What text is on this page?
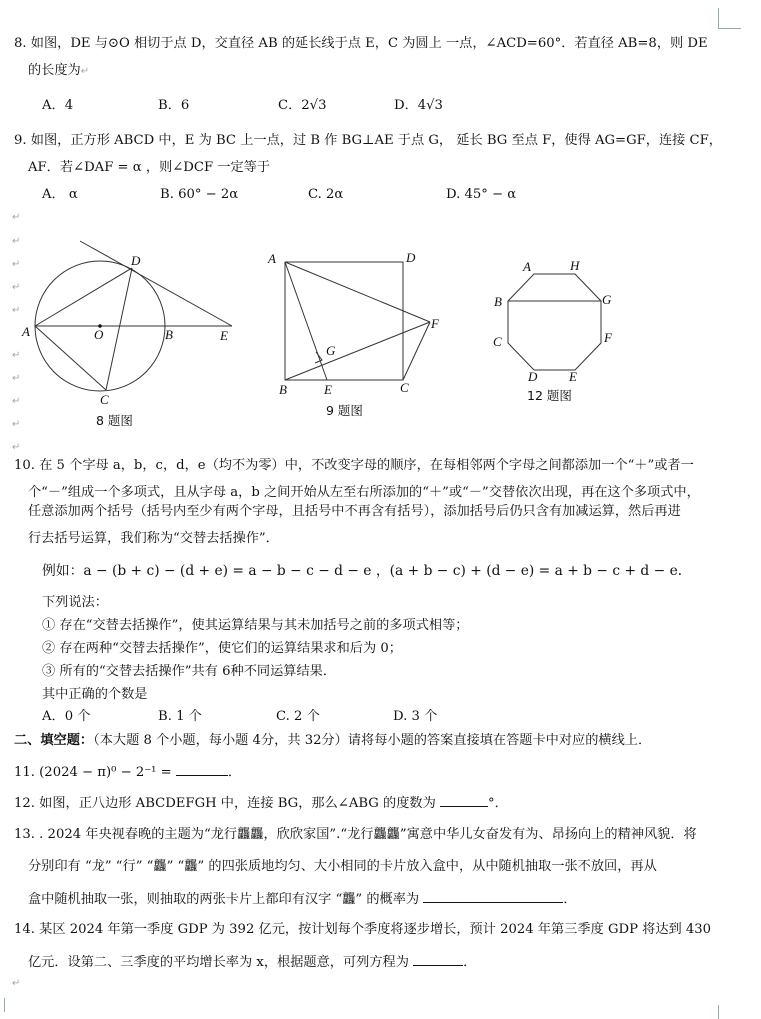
8. 如图，DE 与⊙O 相切于点 D，交直径 AB 的延长线于点 E，C 为圆上 一点，∠ACD=60°．若直径 AB=8，则 DE
的长度为↵
A．4	B．6	C．2√3	D．4√3
9. 如图，正方形 ABCD 中，E 为 BC 上一点，过 B 作 BG⊥AE 于点 G， 延长 BG 至点 F，使得 AG=GF，连接 CF，
AF．若∠DAF = α ，则∠DCF 一定等于
A． α	B. 60° − 2α	C. 2α	D. 45° − α
↵
↵
↵
↵
↵
↵
↵
↵
↵
↵
A	O	B	E
C
D
8 题图
A	D
B	E	C
F
G
9 题图
A	H
B	G
C	F
D E
12 题图
10. 在 5 个字母 a，b，c，d，e（均不为零）中，不改变字母的顺序，在每相邻两个字母之间都添加一个“＋”或者一
个“－”组成一个多项式，且从字母 a，b 之间开始从左至右所添加的“＋”或“－”交替依次出现，再在这个多项式中，
任意添加两个括号（括号内至少有两个字母，且括号中不再含有括号），添加括号后仍只含有加减运算，然后再进
行去括号运算，我们称为“交替去括操作”．
例如：a − (b + c) − (d + e) = a − b − c − d − e ，(a + b − c) + (d − e) = a + b − c + d − e．
下列说法：
① 存在“交替去括操作”，使其运算结果与其未加括号之前的多项式相等；
② 存在两种“交替去括操作”，使它们的运算结果求和后为 0；
③ 所有的“交替去括操作”共有 6种不同运算结果．
其中正确的个数是
A．0 个	B. 1 个	C. 2 个	D. 3 个
二、填空题：（本大题 8 个小题，每小题 4分，共 32分）请将每小题的答案直接填在答题卡中对应的横线上．
11. (2024 − π)⁰ − 2⁻¹ =	．
12. 如图，正八边形 ABCDEFGH 中，连接 BG，那么∠ABG 的度数为	°．
13. . 2024 年央视春晚的主题为“龙行龘龘，欣欣家国”.“龙行龘龘”寓意中华儿女奋发有为、昂扬向上的精神风貌．将
分别印有 “龙” “行” “龘” “龘” 的四张质地均匀、大小相同的卡片放入盒中，从中随机抽取一张不放回，再从
盒中随机抽取一张，则抽取的两张卡片上都印有汉字 “龘” 的概率为	．
14. 某区 2024 年第一季度 GDP 为 392 亿元，按计划每个季度将逐步增长，预计 2024 年第三季度 GDP 将达到 430
亿元．设第二、三季度的平均增长率为 x，根据题意，可列方程为	．
↵
